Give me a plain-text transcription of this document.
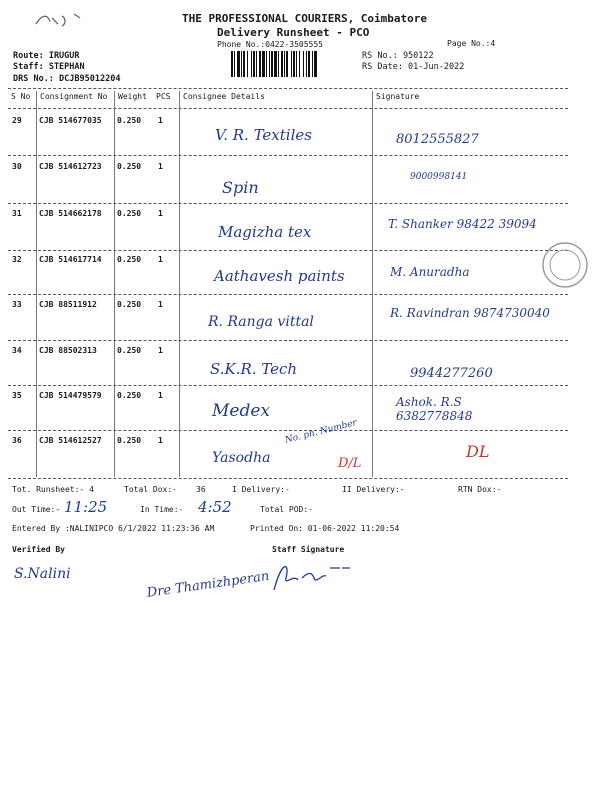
THE PROFESSIONAL COURIERS, Coimbatore
Delivery Runsheet - PCO
Phone No.:0422-3505555	Page No.:4
Route: IRUGUR
Staff: STEPHAN
DRS No.: DCJB95012204
RS No.: 950122
RS Date: 01-Jun-2022
S No Consignment No Weight PCS Consignee Details	Signature
29 CJB 514677035 0.250 1
V. R. Textiles	8012555827
30 CJB 514612723 0.250 1
Spin
9000998141
31 CJB 514662178 0.250 1
Magizha tex	T. Shanker 98422 39094
32 CJB 514617714 0.250 1
Aathavesh paints	M. Anuradha
33 CJB 88511912	0.250 1
R. Ranga vittal
R. Ravindran 9874730040
34 CJB 88502313	0.250 1
S.K.R. Tech	9944277260
35 CJB 514479579 0.250 1
Medex	Ashok. R.S 6382778848
36 CJB 514612527 0.250 1
Yasodha	DL
No. ph. Number
D/L
Tot. Runsheet:- 4	Total Dox:- 36	I Delivery:-	II Delivery:-	RTN Dox:-
Out Time:- 11:25	In Time:- 4:52	Total POD:-
Entered By :NALINIPCO 6/1/2022 11:23:36 AM	Printed On: 01-06-2022 11:20:54
Verified By	Staff Signature
S.Nalini	Dre Thamizhperan
